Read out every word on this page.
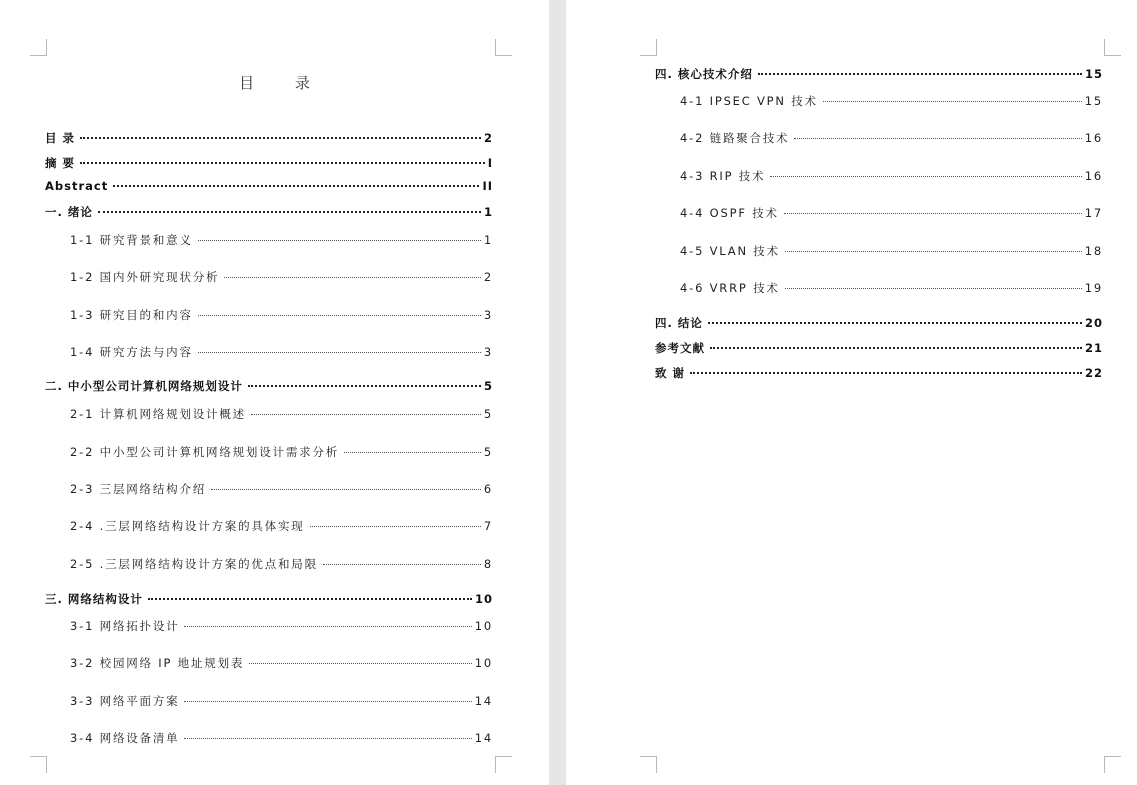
目 录
目 录	2
摘 要	I
Abstract	II
一. 绪论	1
1-1 研究背景和意义	1
1-2 国内外研究现状分析	2
1-3 研究目的和内容	3
1-4 研究方法与内容	3
二. 中小型公司计算机网络规划设计	5
2-1 计算机网络规划设计概述	5
2-2 中小型公司计算机网络规划设计需求分析	5
2-3 三层网络结构介绍	6
2-4 .三层网络结构设计方案的具体实现	7
2-5 .三层网络结构设计方案的优点和局限	8
三. 网络结构设计	10
3-1 网络拓扑设计	10
3-2 校园网络 IP 地址规划表	10
3-3 网络平面方案	14
3-4 网络设备清单	14
四. 核心技术介绍	15
4-1 IPSEC VPN 技术	15
4-2 链路聚合技术	16
4-3 RIP 技术	16
4-4 OSPF 技术	17
4-5 VLAN 技术	18
4-6 VRRP 技术	19
四. 结论	20
参考文献	21
致 谢	22
